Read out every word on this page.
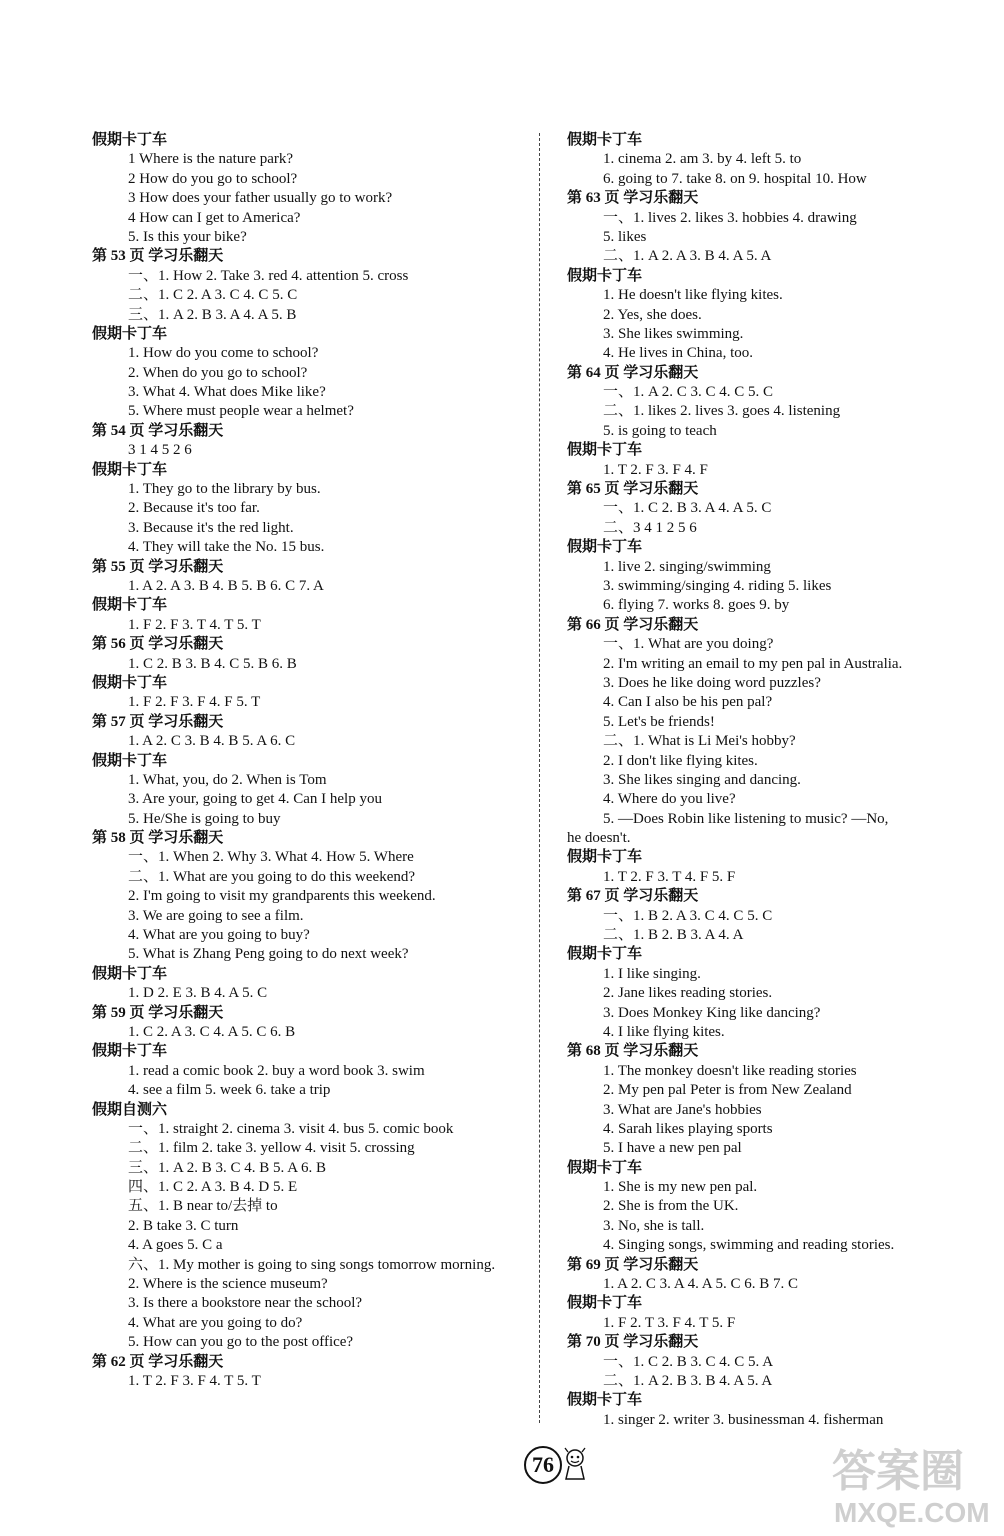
假期卡丁车
1 Where is the nature park?
2 How do you go to school?
3 How does your father usually go to work?
4 How can I get to America?
5. Is this your bike?
第 53 页 学习乐翻天
一、1. How 2. Take 3. red 4. attention 5. cross
二、1. C 2. A 3. C 4. C 5. C
三、1. A 2. B 3. A 4. A 5. B
假期卡丁车
1. How do you come to school?
2. When do you go to school?
3. What 4. What does Mike like?
5. Where must people wear a helmet?
第 54 页 学习乐翻天
3 1 4 5 2 6
假期卡丁车
1. They go to the library by bus.
2. Because it's too far.
3. Because it's the red light.
4. They will take the No. 15 bus.
第 55 页 学习乐翻天
1. A 2. A 3. B 4. B 5. B 6. C 7. A
假期卡丁车
1. F 2. F 3. T 4. T 5. T
第 56 页 学习乐翻天
1. C 2. B 3. B 4. C 5. B 6. B
假期卡丁车
1. F 2. F 3. F 4. F 5. T
第 57 页 学习乐翻天
1. A 2. C 3. B 4. B 5. A 6. C
假期卡丁车
1. What, you, do 2. When is Tom
3. Are your, going to get 4. Can I help you
5. He/She is going to buy
第 58 页 学习乐翻天
一、1. When 2. Why 3. What 4. How 5. Where
二、1. What are you going to do this weekend?
2. I'm going to visit my grandparents this weekend.
3. We are going to see a film.
4. What are you going to buy?
5. What is Zhang Peng going to do next week?
假期卡丁车
1. D 2. E 3. B 4. A 5. C
第 59 页 学习乐翻天
1. C 2. A 3. C 4. A 5. C 6. B
假期卡丁车
1. read a comic book 2. buy a word book 3. swim
4. see a film 5. week 6. take a trip
假期自测六
一、1. straight 2. cinema 3. visit 4. bus 5. comic book
二、1. film 2. take 3. yellow 4. visit 5. crossing
三、1. A 2. B 3. C 4. B 5. A 6. B
四、1. C 2. A 3. B 4. D 5. E
五、1. B near to/去掉 to
2. B take 3. C turn
4. A goes 5. C a
六、1. My mother is going to sing songs tomorrow morning.
2. Where is the science museum?
3. Is there a bookstore near the school?
4. What are you going to do?
5. How can you go to the post office?
第 62 页 学习乐翻天
1. T 2. F 3. F 4. T 5. T
假期卡丁车
1. cinema 2. am 3. by 4. left 5. to
6. going to 7. take 8. on 9. hospital 10. How
第 63 页 学习乐翻天
一、1. lives 2. likes 3. hobbies 4. drawing
5. likes
二、1. A 2. A 3. B 4. A 5. A
假期卡丁车
1. He doesn't like flying kites.
2. Yes, she does.
3. She likes swimming.
4. He lives in China, too.
第 64 页 学习乐翻天
一、1. A 2. C 3. C 4. C 5. C
二、1. likes 2. lives 3. goes 4. listening
5. is going to teach
假期卡丁车
1. T 2. F 3. F 4. F
第 65 页 学习乐翻天
一、1. C 2. B 3. A 4. A 5. C
二、3 4 1 2 5 6
假期卡丁车
1. live 2. singing/swimming
3. swimming/singing 4. riding 5. likes
6. flying 7. works 8. goes 9. by
第 66 页 学习乐翻天
一、1. What are you doing?
2. I'm writing an email to my pen pal in Australia.
3. Does he like doing word puzzles?
4. Can I also be his pen pal?
5. Let's be friends!
二、1. What is Li Mei's hobby?
2. I don't like flying kites.
3. She likes singing and dancing.
4. Where do you live?
5. —Does Robin like listening to music? —No,
he doesn't.
假期卡丁车
1. T 2. F 3. T 4. F 5. F
第 67 页 学习乐翻天
一、1. B 2. A 3. C 4. C 5. C
二、1. B 2. B 3. A 4. A
假期卡丁车
1. I like singing.
2. Jane likes reading stories.
3. Does Monkey King like dancing?
4. I like flying kites.
第 68 页 学习乐翻天
1. The monkey doesn't like reading stories
2. My pen pal Peter is from New Zealand
3. What are Jane's hobbies
4. Sarah likes playing sports
5. I have a new pen pal
假期卡丁车
1. She is my new pen pal.
2. She is from the UK.
3. No, she is tall.
4. Singing songs, swimming and reading stories.
第 69 页 学习乐翻天
1. A 2. C 3. A 4. A 5. C 6. B 7. C
假期卡丁车
1. F 2. T 3. F 4. T 5. F
第 70 页 学习乐翻天
一、1. C 2. B 3. C 4. C 5. A
二、1. A 2. B 3. B 4. A 5. A
假期卡丁车
1. singer 2. writer 3. businessman 4. fisherman
76	答案圈
MXQE.COM
